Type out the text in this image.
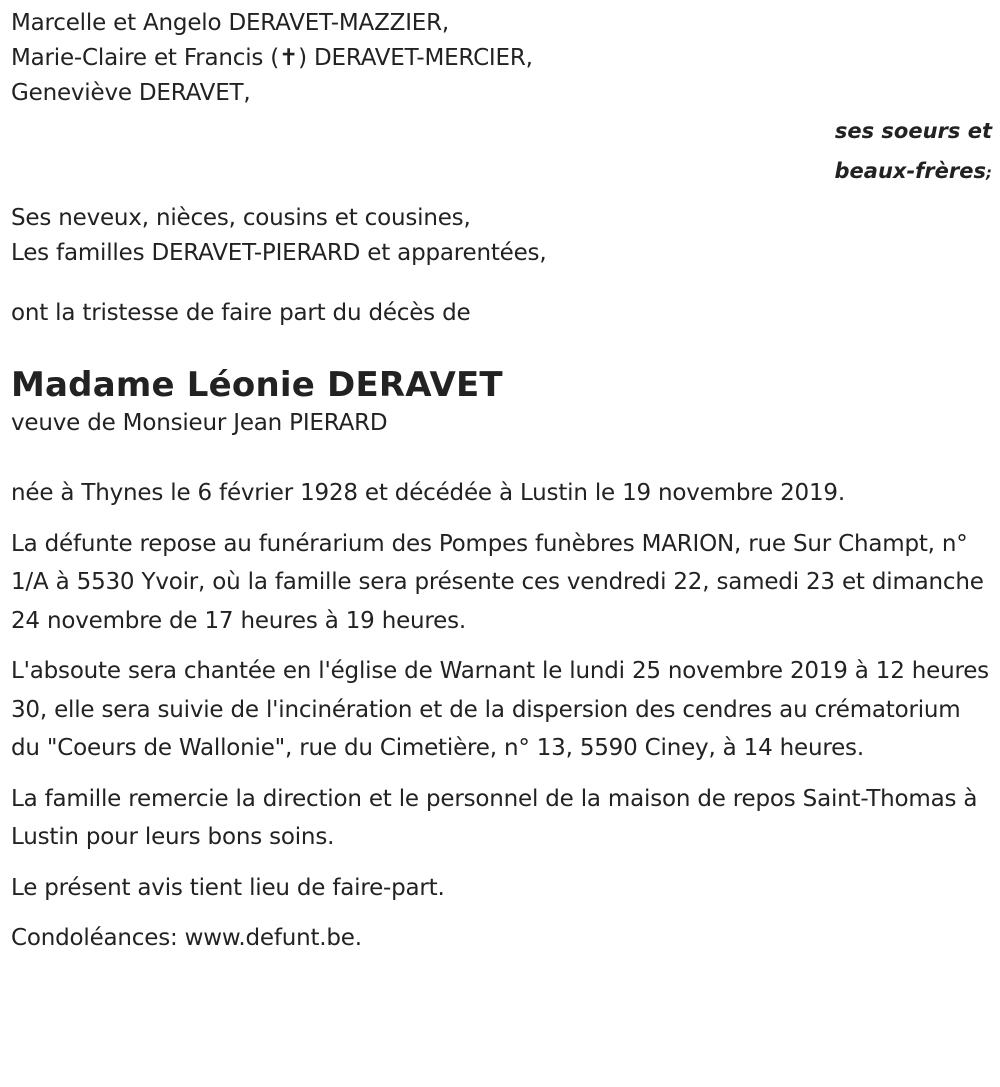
Marcelle et Angelo DERAVET-MAZZIER,
Marie-Claire et Francis (✝) DERAVET-MERCIER,
Geneviève DERAVET,
ses soeurs et
beaux-frères;
Ses neveux, nièces, cousins et cousines,
Les familles DERAVET-PIERARD et apparentées,
ont la tristesse de faire part du décès de
Madame Léonie DERAVET
veuve de Monsieur Jean PIERARD

née à Thynes le 6 février 1928 et décédée à Lustin le 19 novembre 2019.

La défunte repose au funérarium des Pompes funèbres MARION, rue Sur Champt, n° 1/A à 5530 Yvoir, où la famille sera présente ces vendredi 22, samedi 23 et dimanche 24 novembre de 17 heures à 19 heures.

L'absoute sera chantée en l'église de Warnant le lundi 25 novembre 2019 à 12 heures 30, elle sera suivie de l'incinération et de la dispersion des cendres au crématorium du "Coeurs de Wallonie", rue du Cimetière, n° 13, 5590 Ciney, à 14 heures.

La famille remercie la direction et le personnel de la maison de repos Saint-Thomas à Lustin pour leurs bons soins.

Le présent avis tient lieu de faire-part.

Condoléances: www.defunt.be.
